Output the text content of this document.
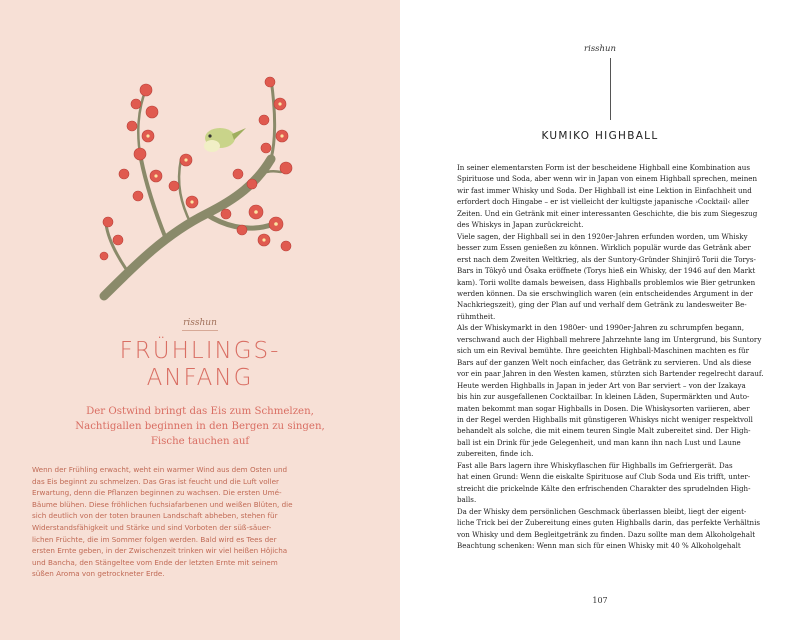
risshun
FRÜHLINGS-
ANFANG

Der Ostwind bringt das Eis zum Schmelzen,
Nachtigallen beginnen in den Bergen zu singen,
Fische tauchen auf

Wenn der Frühling erwacht, weht ein warmer Wind aus dem Osten und
das Eis beginnt zu schmelzen. Das Gras ist feucht und die Luft voller
Erwartung, denn die Pflanzen beginnen zu wachsen. Die ersten Umé-
Bäume blühen. Diese fröhlichen fuchsiafarbenen und weißen Blüten, die
sich deutlich von der toten braunen Landschaft abheben, stehen für
Widerstandsfähigkeit und Stärke und sind Vorboten der süß-säuer-
lichen Früchte, die im Sommer folgen werden. Bald wird es Tees der
ersten Ernte geben, in der Zwischenzeit trinken wir viel heißen Hôjicha
und Bancha, den Stängeltee vom Ende der letzten Ernte mit seinem
süßen Aroma von getrockneter Erde.

risshun
KUMIKO HIGHBALL
In seiner elementarsten Form ist der bescheidene Highball eine Kombination aus
Spirituose und Soda, aber wenn wir in Japan von einem Highball sprechen, meinen
wir fast immer Whisky und Soda. Der Highball ist eine Lektion in Einfachheit und
erfordert doch Hingabe – er ist vielleicht der kultigste japanische ›Cocktail‹ aller
Zeiten. Und ein Getränk mit einer interessanten Geschichte, die bis zum Siegeszug
des Whiskys in Japan zurückreicht.
Viele sagen, der Highball sei in den 1920er-Jahren erfunden worden, um Whisky
besser zum Essen genießen zu können. Wirklich populär wurde das Getränk aber
erst nach dem Zweiten Weltkrieg, als der Suntory-Gründer Shinjirô Torii die Torys-
Bars in Tôkyô und Ôsaka eröffnete (Torys hieß ein Whisky, der 1946 auf den Markt
kam). Torii wollte damals beweisen, dass Highballs problemlos wie Bier getrunken
werden können. Da sie erschwinglich waren (ein entscheidendes Argument in der
Nachkriegszeit), ging der Plan auf und verhalf dem Getränk zu landesweiter Be-
rühmtheit.
Als der Whiskymarkt in den 1980er- und 1990er-Jahren zu schrumpfen begann,
verschwand auch der Highball mehrere Jahrzehnte lang im Untergrund, bis Suntory
sich um ein Revival bemühte. Ihre geeichten Highball-Maschinen machten es für
Bars auf der ganzen Welt noch einfacher, das Getränk zu servieren. Und als diese
vor ein paar Jahren in den Westen kamen, stürzten sich Bartender regelrecht darauf.
Heute werden Highballs in Japan in jeder Art von Bar serviert – von der Izakaya
bis hin zur ausgefallenen Cocktailbar. In kleinen Läden, Supermärkten und Auto-
maten bekommt man sogar Highballs in Dosen. Die Whiskysorten variieren, aber
in der Regel werden Highballs mit günstigeren Whiskys nicht weniger respektvoll
behandelt als solche, die mit einem teuren Single Malt zubereitet sind. Der High-
ball ist ein Drink für jede Gelegenheit, und man kann ihn nach Lust und Laune
zubereiten, finde ich.
Fast alle Bars lagern ihre Whiskyflaschen für Highballs im Gefriergerät. Das
hat einen Grund: Wenn die eiskalte Spirituose auf Club Soda und Eis trifft, unter-
streicht die prickelnde Kälte den erfrischenden Charakter des sprudelnden High-
balls.
Da der Whisky dem persönlichen Geschmack überlassen bleibt, liegt der eigent-
liche Trick bei der Zubereitung eines guten Highballs darin, das perfekte Verhältnis
von Whisky und dem Begleitgetränk zu finden. Dazu sollte man dem Alkoholgehalt
Beachtung schenken: Wenn man sich für einen Whisky mit 40 % Alkoholgehalt
107
